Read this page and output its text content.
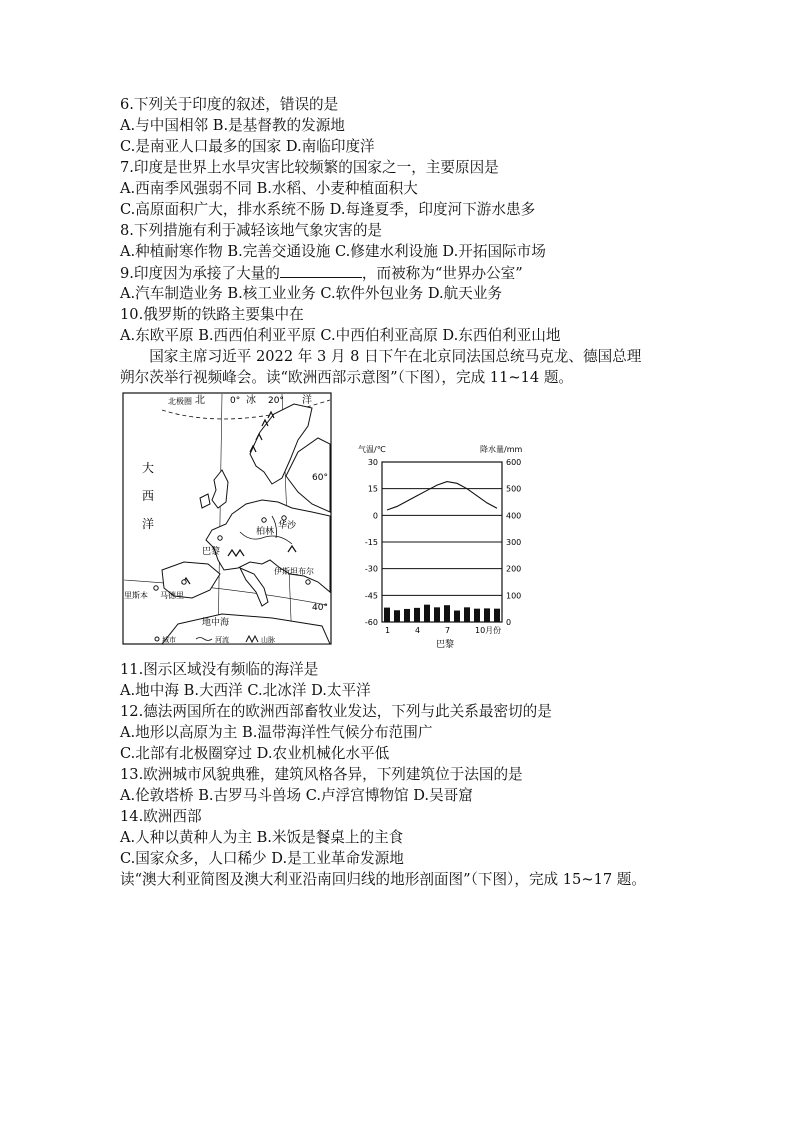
6.下列关于印度的叙述，错误的是
A.与中国相邻 B.是基督教的发源地
C.是南亚人口最多的国家 D.南临印度洋
7.印度是世界上水旱灾害比较频繁的国家之一，主要原因是
A.西南季风强弱不同 B.水稻、小麦种植面积大
C.高原面积广大，排水系统不肠 D.每逢夏季，印度河下游水患多
8.下列措施有利于减轻该地气象灾害的是
A.种植耐寒作物 B.完善交通设施 C.修建水利设施 D.开拓国际市场
9.印度因为承接了大量的	，而被称为“世界办公室”
A.汽车制造业务 B.核工业业务 C.软件外包业务 D.航天业务
10.俄罗斯的铁路主要集中在
A.东欧平原 B.西西伯利亚平原 C.中西伯利亚高原 D.东西伯利亚山地
　　国家主席习近平 2022 年 3 月 8 日下午在北京同法国总统马克龙、德国总理
朔尔茨举行视频峰会。读“欧洲西部示意图”（下图），完成 11~14 题。
北极圈 北	0° 冰 20° 洋
60°
40°
大
西
洋
柏林
华沙
巴黎
伊斯坦布尔
里斯本 马德里
地中海
城市	河流	山脉
30
15
0
-15
-30
-45
-60
600
500
400
300
200
100
0
1	4	7	10月份
气温/℃	降水量/mm
巴黎
11.图示区域没有频临的海洋是
A.地中海 B.大西洋 C.北冰洋 D.太平洋
12.德法两国所在的欧洲西部畜牧业发达，下列与此关系最密切的是
A.地形以高原为主 B.温带海洋性气候分布范围广
C.北部有北极圈穿过 D.农业机械化水平低
13.欧洲城市风貌典雅，建筑风格各异，下列建筑位于法国的是
A.伦敦塔桥 B.古罗马斗兽场 C.卢浮宫博物馆 D.吴哥窟
14.欧洲西部
A.人种以黄种人为主 B.米饭是餐桌上的主食
C.国家众多，人口稀少 D.是工业革命发源地
读“澳大利亚简图及澳大利亚沿南回归线的地形剖面图”（下图），完成 15~17 题。
